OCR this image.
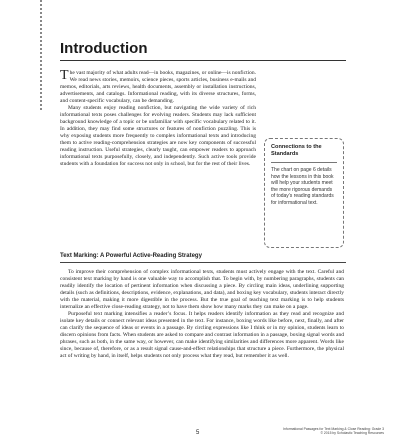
Introduction

The vast majority of what adults read—in books, magazines, or online—is nonfiction. We read news stories, memoirs, science pieces, sports articles, business e-mails and memos, editorials, arts reviews, health documents, assembly or installation instructions, advertisements, and catalogs. Informational reading, with its diverse structures, forms, and content-specific vocabulary, can be demanding.

Many students enjoy reading nonfiction, but navigating the wide variety of rich informational texts poses challenges for evolving readers. Students may lack sufficient background knowledge of a topic or be unfamiliar with specific vocabulary related to it. In addition, they may find some structures or features of nonfiction puzzling. This is why exposing students more frequently to complex informational texts and introducing them to active reading-comprehension strategies are now key components of successful reading instruction. Useful strategies, clearly taught, can empower readers to approach informational texts purposefully, closely, and independently. Such active tools provide students with a foundation for success not only in school, but for the rest of their lives.

Connections to the Standards

The chart on page 6 details how the lessons in this book will help your students meet the more rigorous demands of today’s reading standards for informational text.

Text Marking: A Powerful Active-Reading Strategy

To improve their comprehension of complex informational texts, students must actively engage with the text. Careful and consistent text marking by hand is one valuable way to accomplish that. To begin with, by numbering paragraphs, students can readily identify the location of pertinent information when discussing a piece. By circling main ideas, underlining supporting details (such as definitions, descriptions, evidence, explanations, and data), and boxing key vocabulary, students interact directly with the material, making it more digestible in the process. But the true goal of teaching text marking is to help students internalize an effective close-reading strategy, not to have them show how many marks they can make on a page.

Purposeful text marking intensifies a reader’s focus. It helps readers identify information as they read and recognize and isolate key details or connect relevant ideas presented in the text. For instance, boxing words like before, next, finally, and after can clarify the sequence of ideas or events in a passage. By circling expressions like I think or in my opinion, students learn to discern opinions from facts. When students are asked to compare and contrast information in a passage, boxing signal words and phrases, such as both, in the same way, or however, can make identifying similarities and differences more apparent. Words like since, because of, therefore, or as a result signal cause-and-effect relationships that structure a piece. Furthermore, the physical act of writing by hand, in itself, helps students not only process what they read, but remember it as well.

5
Informational Passages for Text Marking & Close Reading: Grade 3
© 2015 by Scholastic Teaching Resources
